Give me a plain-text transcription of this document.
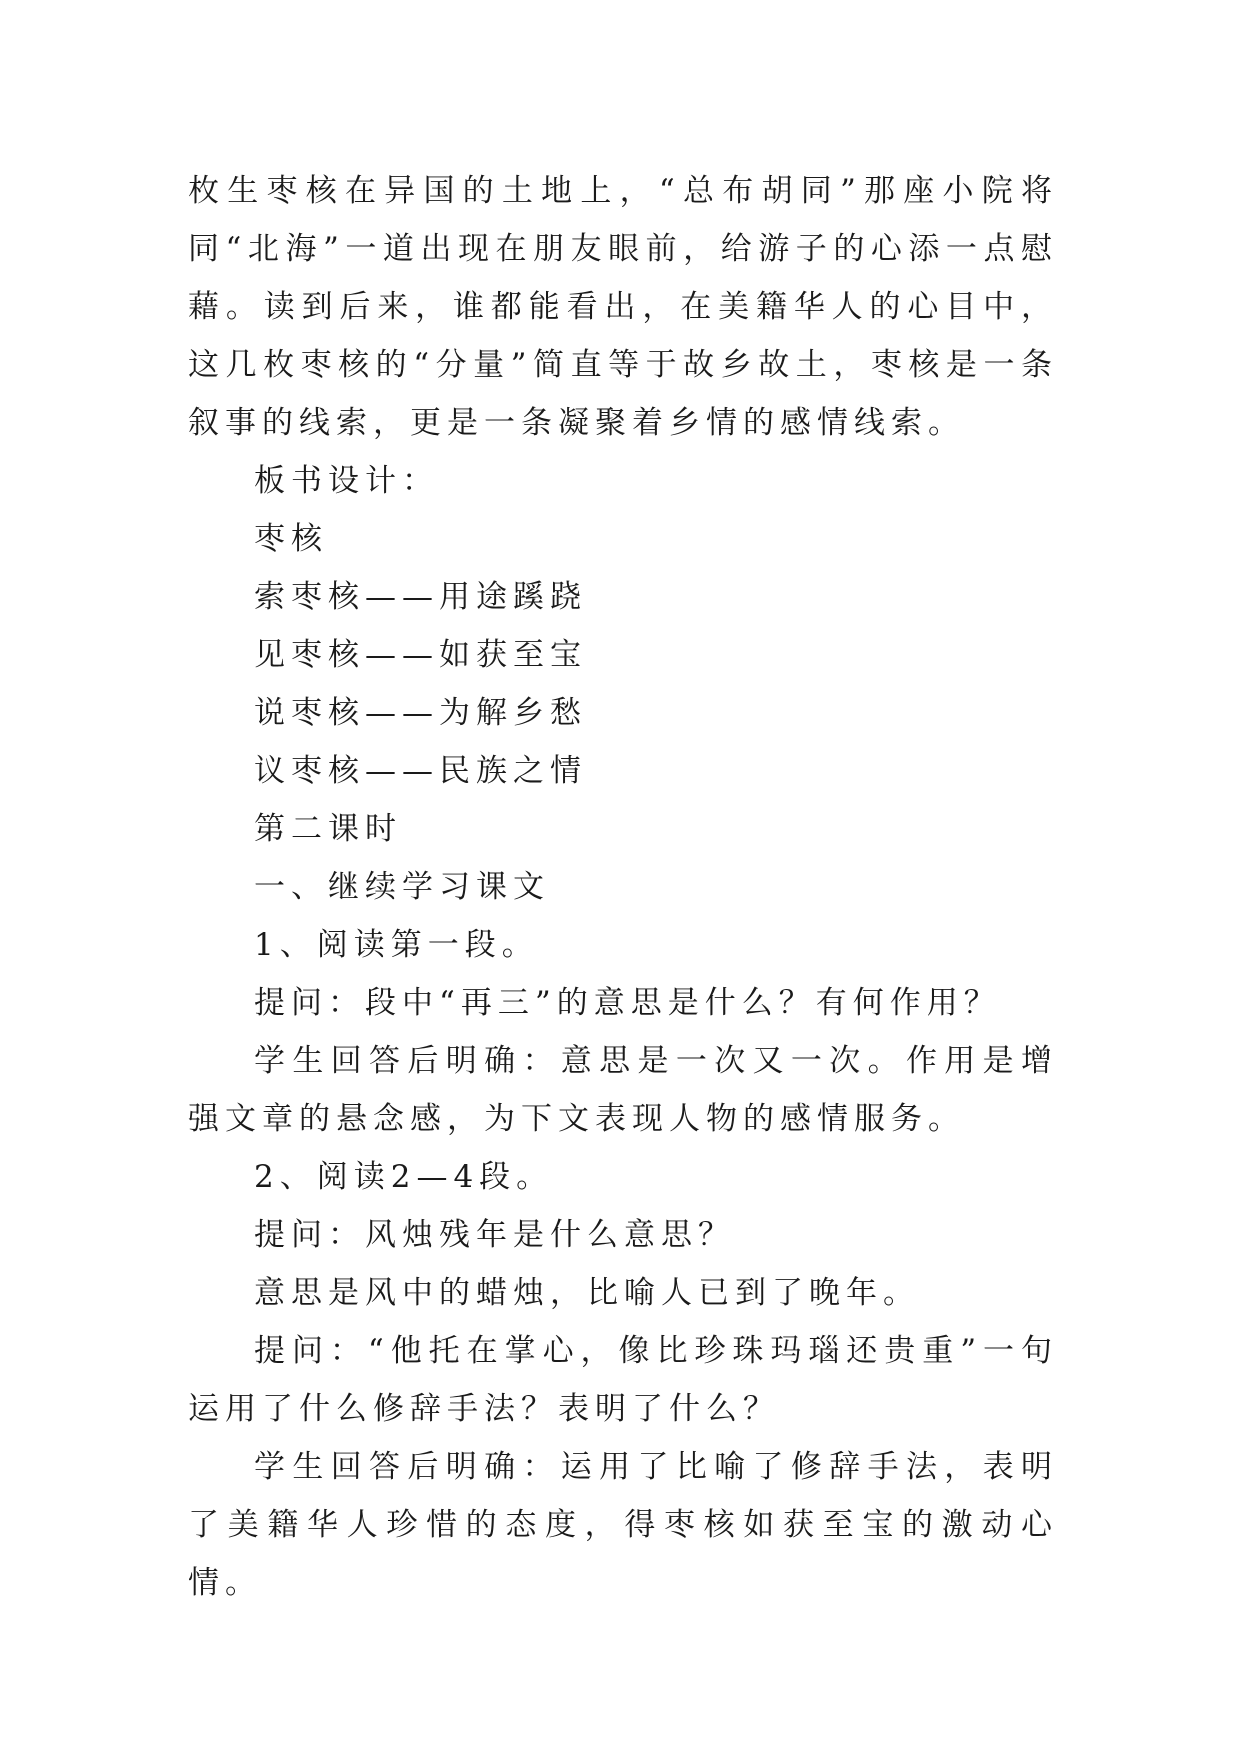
枚生枣核在异国的土地上，“总布胡同”那座小院将同“北海”一道出现在朋友眼前，给游子的心添一点慰藉。读到后来，谁都能看出，在美籍华人的心目中，这几枚枣核的“分量”简直等于故乡故土，枣核是一条叙事的线索，更是一条凝聚着乡情的感情线索。

板书设计：

枣核

索枣核——用途蹊跷

见枣核——如获至宝

说枣核——为解乡愁

议枣核——民族之情

第二课时

一、继续学习课文

1、阅读第一段。

提问：段中“再三”的意思是什么？有何作用？

学生回答后明确：意思是一次又一次。作用是增强文章的悬念感，为下文表现人物的感情服务。

2、阅读2—4段。

提问：风烛残年是什么意思？

意思是风中的蜡烛，比喻人已到了晚年。

提问：“他托在掌心，像比珍珠玛瑙还贵重”一句运用了什么修辞手法？表明了什么？

学生回答后明确：运用了比喻了修辞手法，表明了美籍华人珍惜的态度，得枣核如获至宝的激动心情。
